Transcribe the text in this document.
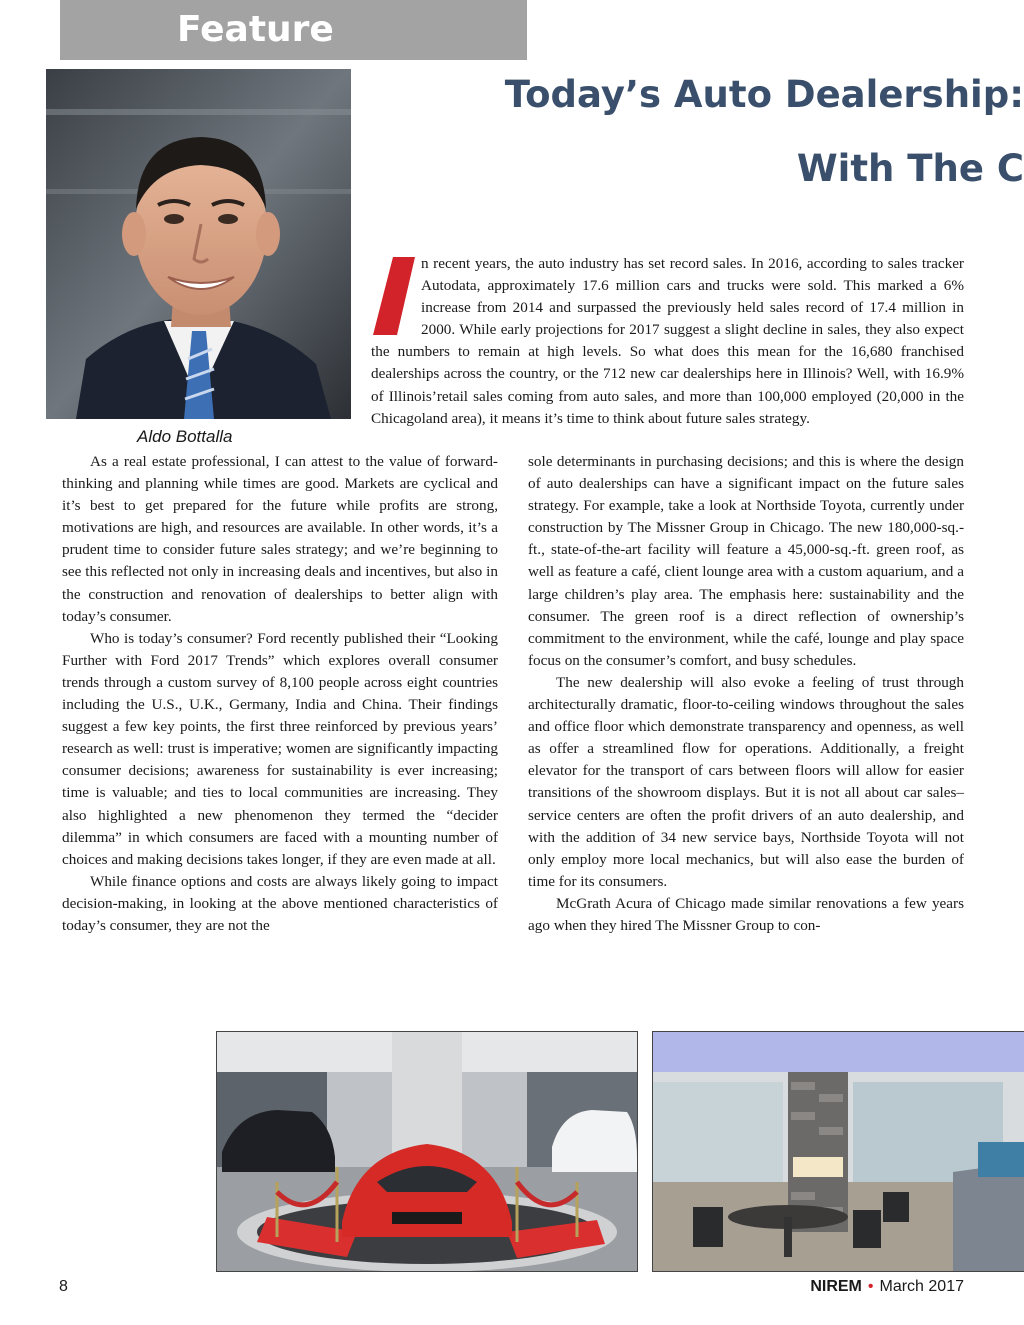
Feature
Today’s Auto Dealership:
With The C

Aldo Bottalla

n recent years, the auto industry has set record sales. In 2016, according to sales tracker Autodata, approximately 17.6 million cars and trucks were sold. This marked a 6% increase from 2014 and surpassed the previously held sales record of 17.4 million in 2000. While early projections for 2017 suggest a slight decline in sales, they also expect the numbers to remain at high levels. So what does this mean for the 16,680 franchised dealerships across the country, or the 712 new car dealerships here in Illinois? Well, with 16.9% of Illinois’retail sales coming from auto sales, and more than 100,000 employed (20,000 in the Chicagoland area), it means it’s time to think about future sales strategy.

As a real estate professional, I can attest to the value of forward-thinking and planning while times are good. Markets are cyclical and it’s best to get prepared for the future while profits are strong, motivations are high, and resources are available. In other words, it’s a prudent time to consider future sales strategy; and we’re beginning to see this reflected not only in increasing deals and incentives, but also in the construction and renovation of dealerships to better align with today’s consumer.

Who is today’s consumer? Ford recently published their “Looking Further with Ford 2017 Trends” which explores overall consumer trends through a custom survey of 8,100 people across eight countries including the U.S., U.K., Germany, India and China. Their findings suggest a few key points, the first three reinforced by previous years’ research as well: trust is imperative; women are significantly impacting consumer decisions; awareness for sustainability is ever increasing; time is valuable; and ties to local communities are increasing. They also highlighted a new phenomenon they termed the “decider dilemma” in which consumers are faced with a mounting number of choices and making decisions takes longer, if they are even made at all.

While finance options and costs are always likely going to impact decision-making, in looking at the above mentioned characteristics of today’s consumer, they are not the

sole determinants in purchasing decisions; and this is where the design of auto dealerships can have a significant impact on the future sales strategy. For example, take a look at Northside Toyota, currently under construction by The Missner Group in Chicago. The new 180,000-sq.-ft., state-of-the-art facility will feature a 45,000-sq.-ft. green roof, as well as feature a café, client lounge area with a custom aquarium, and a large children’s play area. The emphasis here: sustainability and the consumer. The green roof is a direct reflection of ownership’s commitment to the environment, while the café, lounge and play space focus on the consumer’s comfort, and busy schedules.

The new dealership will also evoke a feeling of trust through architecturally dramatic, floor-to-ceiling windows throughout the sales and office floor which demonstrate transparency and openness, as well as offer a streamlined flow for operations. Additionally, a freight elevator for the transport of cars between floors will allow for easier transitions of the showroom displays. But it is not all about car sales–service centers are often the profit drivers of an auto dealership, and with the addition of 34 new service bays, Northside Toyota will not only employ more local mechanics, but will also ease the burden of time for its consumers.

McGrath Acura of Chicago made similar renovations a few years ago when they hired The Missner Group to con-

8	NIREM • March 2017
